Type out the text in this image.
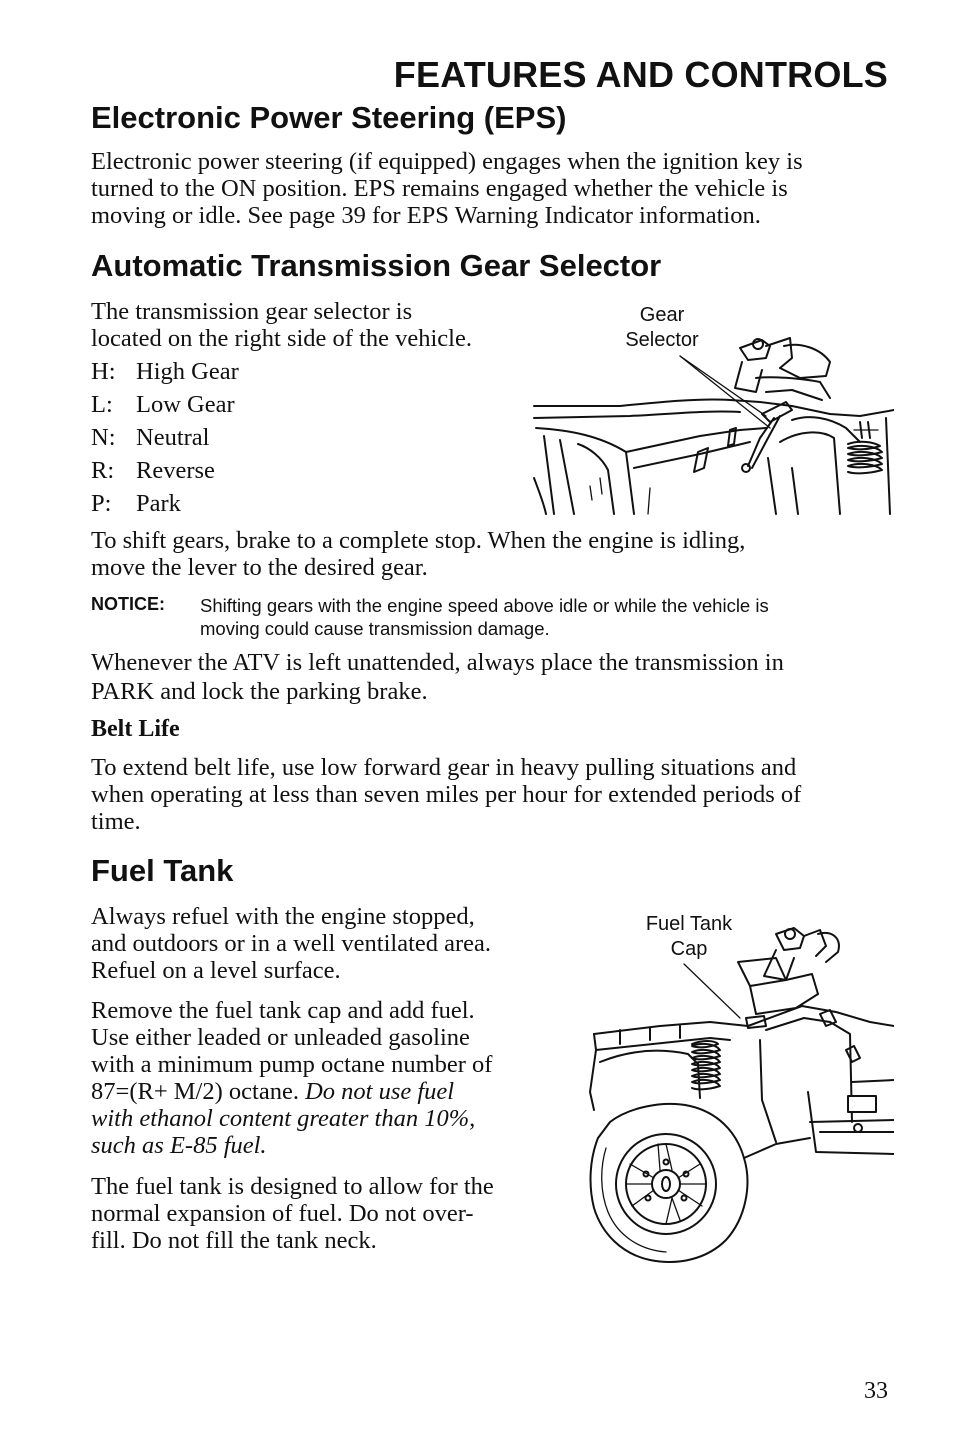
FEATURES AND CONTROLS
Electronic Power Steering (EPS)
Electronic power steering (if equipped) engages when the ignition key is
turned to the ON position. EPS remains engaged whether the vehicle is
moving or idle. See page 39 for EPS Warning Indicator information.
Automatic Transmission Gear Selector
The transmission gear selector is
located on the right side of the vehicle.
H: High Gear
L: Low Gear
N: Neutral
R: Reverse
P: Park
Gear
Selector
To shift gears, brake to a complete stop. When the engine is idling,
move the lever to the desired gear.
NOTICE: Shifting gears with the engine speed above idle or while the vehicle is
moving could cause transmission damage.
Whenever the ATV is left unattended, always place the transmission in
PARK and lock the parking brake.
Belt Life
To extend belt life, use low forward gear in heavy pulling situations and
when operating at less than seven miles per hour for extended periods of
time.
Fuel Tank
Always refuel with the engine stopped,
and outdoors or in a well ventilated area.
Refuel on a level surface.
Remove the fuel tank cap and add fuel.
Use either leaded or unleaded gasoline
with a minimum pump octane number of
87=(R+ M/2) octane. Do not use fuel
with ethanol content greater than 10%,
such as E-85 fuel.
The fuel tank is designed to allow for the
normal expansion of fuel. Do not over-
fill. Do not fill the tank neck.
Fuel Tank
Cap
33
